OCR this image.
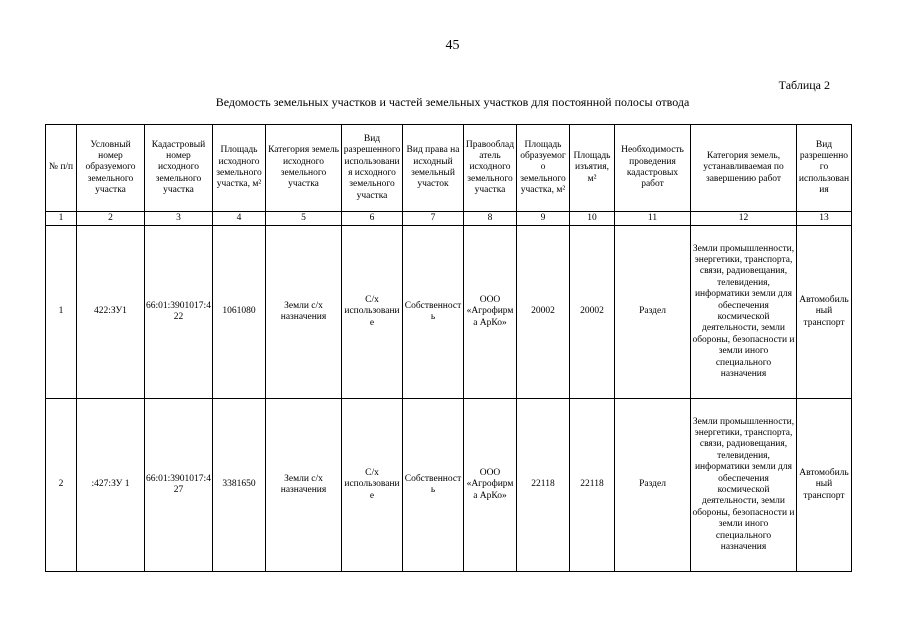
45
Таблица 2
Ведомость земельных участков и частей земельных участков для постоянной полосы отвода
№ п/п	Условный номер образуемого земельного участка	Кадастровый номер исходного земельного участка	Площадь исходного земельного участка, м²	Категория земель исходного земельного участка	Вид разрешенного использования исходного земельного участка	Вид права на исходный земельный участок	Правообладатель исходного земельного участка	Площадь образуемого земельного участка, м²	Площадь изъятия, м²	Необходимость проведения кадастровых работ	Категория земель, устанавливаемая по завершению работ	Вид разрешенного использования
1	2	3	4	5	6	7	8	9	10	11	12	13
1	422:ЗУ1	66:01:3901017:422	1061080	Земли с/х назначения	С/х использование	Собственность	ООО «Агрофирма АрКо»	20002	20002	Раздел	Земли промышленности, энергетики, транспорта, связи, радиовещания, телевидения, информатики земли для обеспечения космической деятельности, земли обороны, безопасности и земли иного специального назначения	Автомобильный транспорт
2	:427:ЗУ 1	66:01:3901017:427	3381650	Земли с/х назначения	С/х использование	Собственность	ООО «Агрофирма АрКо»	22118	22118	Раздел	Земли промышленности, энергетики, транспорта, связи, радиовещания, телевидения, информатики земли для обеспечения космической деятельности, земли обороны, безопасности и земли иного специального назначения	Автомобильный транспорт
